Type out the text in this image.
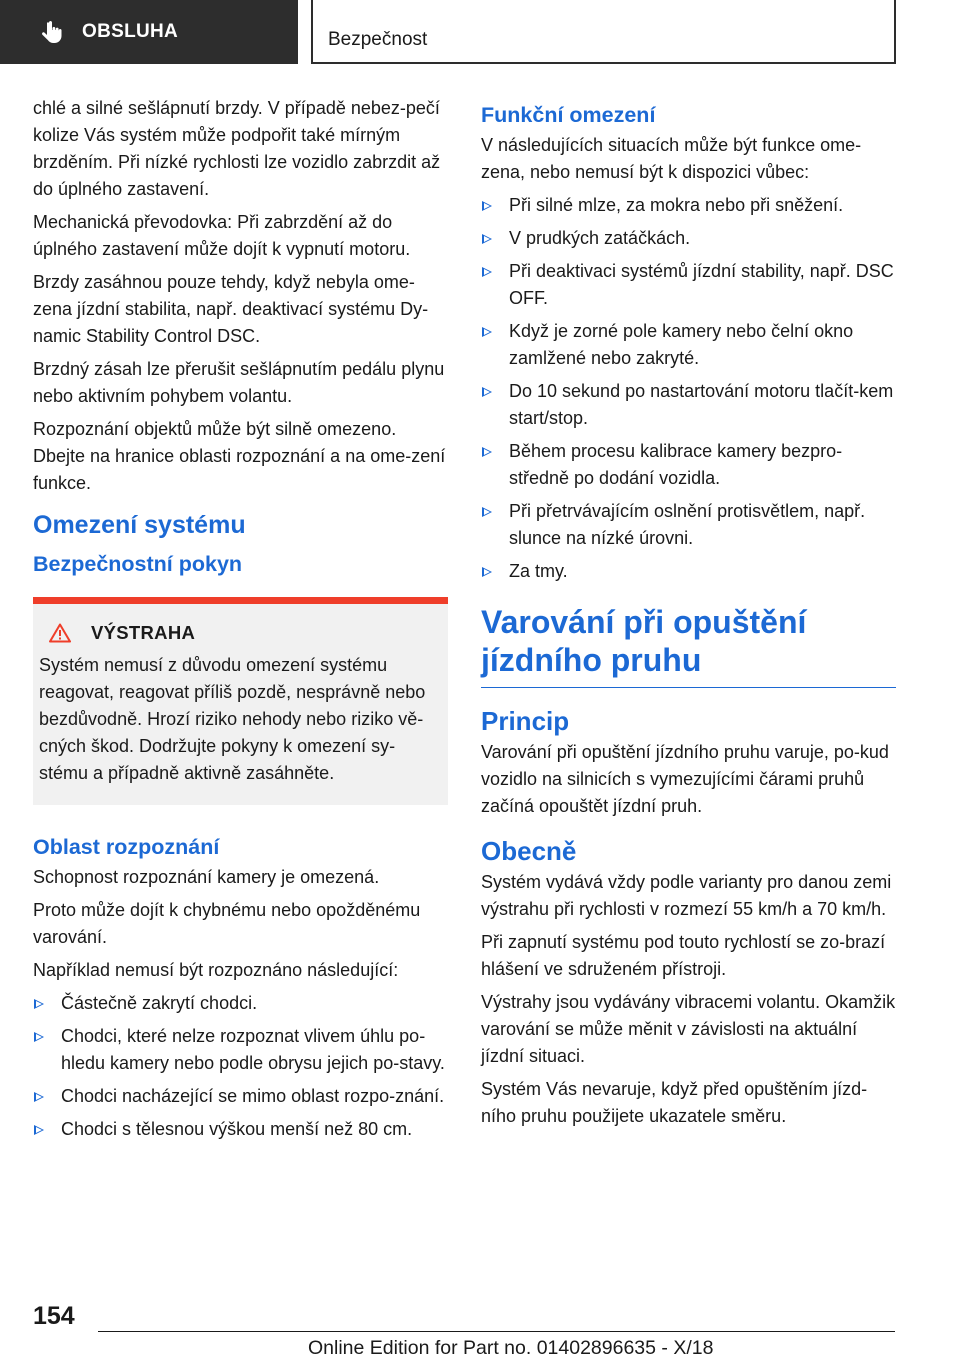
OBSLUHA	Bezpečnost

chlé a silné sešlápnutí brzdy. V případě nebez‐pečí kolize Vás systém může podpořit také mírným brzděním. Při nízké rychlosti lze vozidlo zabrzdit až do úplného zastavení.

Mechanická převodovka: Při zabrzdění až do úplného zastavení může dojít k vypnutí motoru.

Brzdy zasáhnou pouze tehdy, když nebyla ome‐zena jízdní stabilita, např. deaktivací systému Dy‐namic Stability Control DSC.

Brzdný zásah lze přerušit sešlápnutím pedálu plynu nebo aktivním pohybem volantu.

Rozpoznání objektů může být silně omezeno. Dbejte na hranice oblasti rozpoznání a na ome‐zení funkce.

Omezení systému
Bezpečnostní pokyn
VÝSTRAHA

Systém nemusí z důvodu omezení systému reagovat, reagovat příliš pozdě, nesprávně nebo bezdůvodně. Hrozí riziko nehody nebo riziko vě‐cných škod. Dodržujte pokyny k omezení sy‐stému a případně aktivně zasáhněte.

Oblast rozpoznání

Schopnost rozpoznání kamery je omezená.

Proto může dojít k chybnému nebo opožděnému varování.

Například nemusí být rozpoznáno následující:

Částečně zakrytí chodci.
Chodci, které nelze rozpoznat vlivem úhlu po‐hledu kamery nebo podle obrysu jejich po‐stavy.
Chodci nacházející se mimo oblast rozpo‐znání.
Chodci s tělesnou výškou menší než 80 cm.
Funkční omezení

V následujících situacích může být funkce ome‐zena, nebo nemusí být k dispozici vůbec:

Při silné mlze, za mokra nebo při sněžení.
V prudkých zatáčkách.
Při deaktivaci systémů jízdní stability, např. DSC OFF.
Když je zorné pole kamery nebo čelní okno zamlžené nebo zakryté.
Do 10 sekund po nastartování motoru tlačít‐kem start/stop.
Během procesu kalibrace kamery bezpro‐středně po dodání vozidla.
Při přetrvávajícím oslnění protisvětlem, např. slunce na nízké úrovni.
Za tmy.
Varování při opuštění jízdního pruhu
Princip

Varování při opuštění jízdního pruhu varuje, po‐kud vozidlo na silnicích s vymezujícími čárami pruhů začíná opouštět jízdní pruh.

Obecně

Systém vydává vždy podle varianty pro danou zemi výstrahu při rychlosti v rozmezí 55 km/h a 70 km/h.

Při zapnutí systému pod touto rychlostí se zo‐brazí hlášení ve sdruženém přístroji.

Výstrahy jsou vydávány vibracemi volantu. Okamžik varování se může měnit v závislosti na aktuální jízdní situaci.

Systém Vás nevaruje, když před opuštěním jízd‐ního pruhu použijete ukazatele směru.

154
Online Edition for Part no. 01402896635 - X/18
